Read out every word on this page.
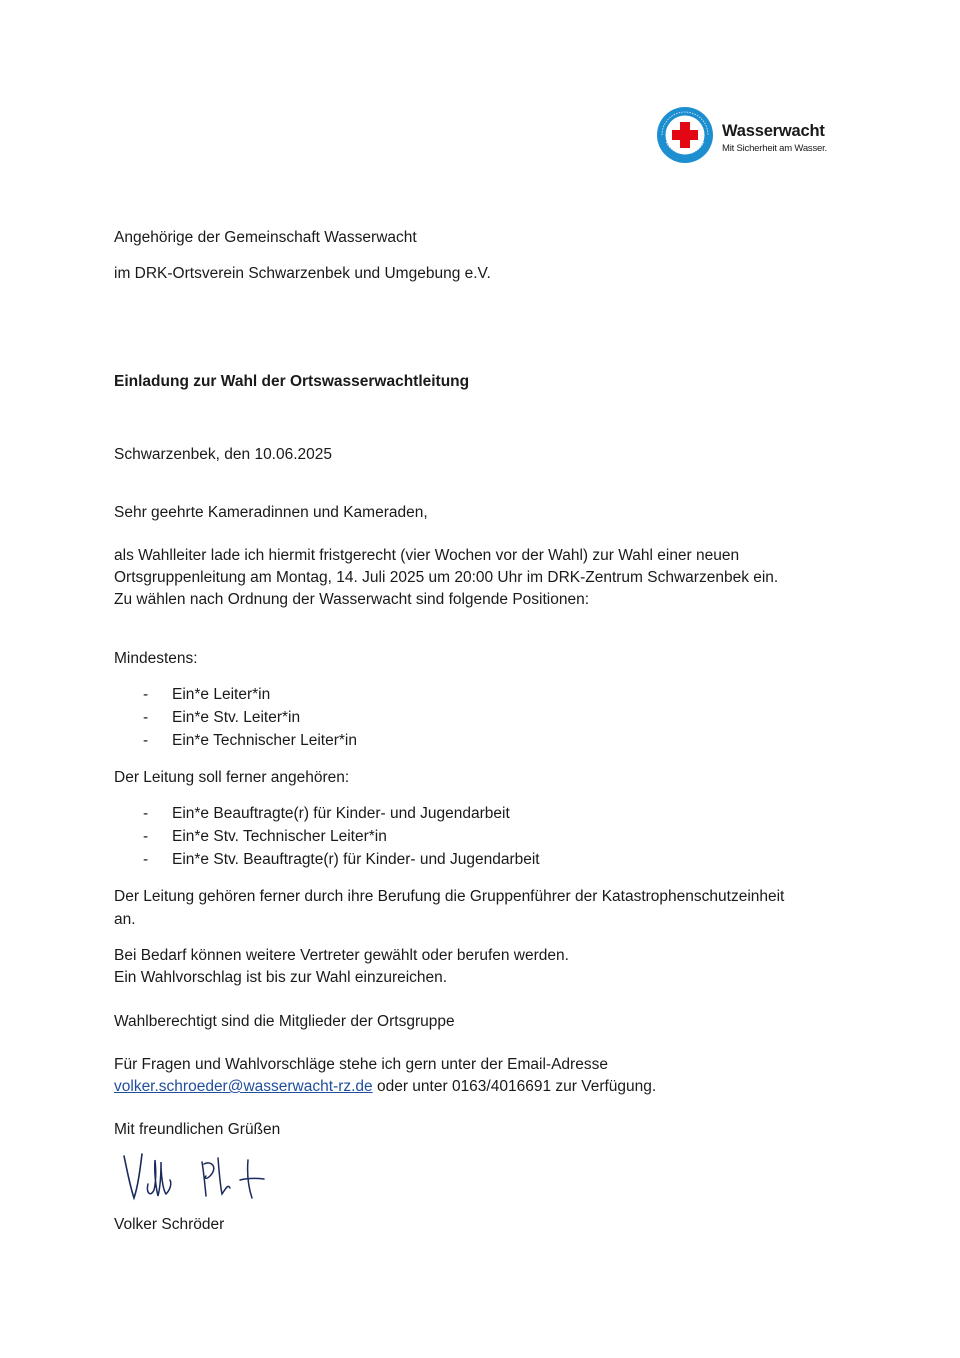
Wasserwacht
Mit Sicherheit am Wasser.
Angehörige der Gemeinschaft Wasserwacht
im DRK-Ortsverein Schwarzenbek und Umgebung e.V.
Einladung zur Wahl der Ortswasserwachtleitung
Schwarzenbek, den 10.06.2025
Sehr geehrte Kameradinnen und Kameraden,
als Wahlleiter lade ich hiermit fristgerecht (vier Wochen vor der Wahl) zur Wahl einer neuen
Ortsgruppenleitung am Montag, 14. Juli 2025 um 20:00 Uhr im DRK-Zentrum Schwarzenbek ein.
Zu wählen nach Ordnung der Wasserwacht sind folgende Positionen:
Mindestens:
- Ein*e Leiter*in
- Ein*e Stv. Leiter*in
- Ein*e Technischer Leiter*in
Der Leitung soll ferner angehören:
- Ein*e Beauftragte(r) für Kinder- und Jugendarbeit
- Ein*e Stv. Technischer Leiter*in
- Ein*e Stv. Beauftragte(r) für Kinder- und Jugendarbeit
Der Leitung gehören ferner durch ihre Berufung die Gruppenführer der Katastrophenschutzeinheit
an.
Bei Bedarf können weitere Vertreter gewählt oder berufen werden.
Ein Wahlvorschlag ist bis zur Wahl einzureichen.
Wahlberechtigt sind die Mitglieder der Ortsgruppe
Für Fragen und Wahlvorschläge stehe ich gern unter der Email-Adresse
volker.schroeder@wasserwacht-rz.de oder unter 0163/4016691 zur Verfügung.
Mit freundlichen Grüßen
Volker Schröder
